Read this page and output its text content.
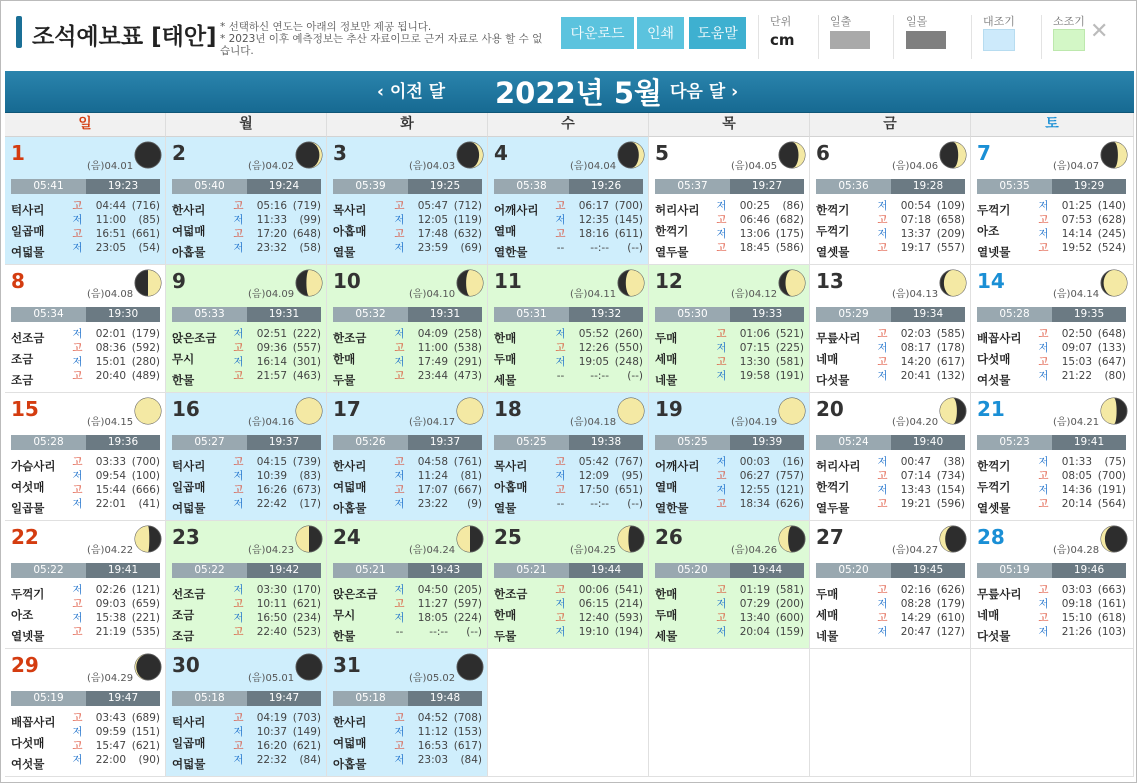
조석예보표 [태안] * 선택하신 연도는 아래의 정보만 제공 됩니다.
* 2023년 이후 예측정보는 추산 자료이므로 근거 자료로 사용 할 수 없습니다.
다운로드	인쇄	도움말
단위
cm
일출	일몰	대조기	소조기 ✕
‹ 이전 달 2022년 5월 다음 달 ›
일	월	화	수	목	금	토
1
(음)04.01
05:41	19:23
턱사리
일곱매
여덟물
고	04:44 (716)
저	11:00 (85)
고	16:51 (661)
저	23:05 (54)
2
(음)04.02
05:40	19:24
한사리
여덟매
아홉물
고	05:16 (719)
저	11:33 (99)
고	17:20 (648)
저	23:32 (58)
3
(음)04.03
05:39	19:25
목사리
아홉매
열물
고	05:47 (712)
저	12:05 (119)
고	17:48 (632)
저	23:59 (69)
4
(음)04.04
05:38	19:26
어깨사리
열매
열한물
고	06:17 (700)
저	12:35 (145)
고	18:16 (611)
--	--:-- (--)
5
(음)04.05
05:37	19:27
허리사리
한꺽기
열두물
저	00:25 (86)
고	06:46 (682)
저	13:06 (175)
고	18:45 (586)
6
(음)04.06
05:36	19:28
한꺽기
두꺽기
열셋물
저	00:54 (109)
고	07:18 (658)
저	13:37 (209)
고	19:17 (557)
7
(음)04.07
05:35	19:29
두꺽기
아조
열넷물
저	01:25 (140)
고	07:53 (628)
저	14:14 (245)
고	19:52 (524)
8
(음)04.08
05:34	19:30
선조금
조금
조금
저	02:01 (179)
고	08:36 (592)
저	15:01 (280)
고	20:40 (489)
9
(음)04.09
05:33	19:31
앉은조금
무시
한물
저	02:51 (222)
고	09:36 (557)
저	16:14 (301)
고	21:57 (463)
10
(음)04.10
05:32	19:31
한조금
한매
두물
저	04:09 (258)
고	11:00 (538)
저	17:49 (291)
고	23:44 (473)
11
(음)04.11
05:31	19:32
한매
두매
세물
저	05:52 (260)
고	12:26 (550)
저	19:05 (248)
--	--:-- (--)
12
(음)04.12
05:30	19:33
두매
세매
네물
고	01:06 (521)
저	07:15 (225)
고	13:30 (581)
저	19:58 (191)
13
(음)04.13
05:29	19:34
무릎사리
네매
다섯물
고	02:03 (585)
저	08:17 (178)
고	14:20 (617)
저	20:41 (132)
14
(음)04.14
05:28	19:35
배꼽사리
다섯매
여섯물
고	02:50 (648)
저	09:07 (133)
고	15:03 (647)
저	21:22 (80)
15
(음)04.15
05:28	19:36
가슴사리
여섯매
일곱물
고	03:33 (700)
저	09:54 (100)
고	15:44 (666)
저	22:01 (41)
16
(음)04.16
05:27	19:37
턱사리
일곱매
여덟물
고	04:15 (739)
저	10:39 (83)
고	16:26 (673)
저	22:42 (17)
17
(음)04.17
05:26	19:37
한사리
여덟매
아홉물
고	04:58 (761)
저	11:24 (81)
고	17:07 (667)
저	23:22 (9)
18
(음)04.18
05:25	19:38
목사리
아홉매
열물
고	05:42 (767)
저	12:09 (95)
고	17:50 (651)
--	--:-- (--)
19
(음)04.19
05:25	19:39
어깨사리
열매
열한물
저	00:03 (16)
고	06:27 (757)
저	12:55 (121)
고	18:34 (626)
20
(음)04.20
05:24	19:40
허리사리
한꺽기
열두물
저	00:47 (38)
고	07:14 (734)
저	13:43 (154)
고	19:21 (596)
21
(음)04.21
05:23	19:41
한꺽기
두꺽기
열셋물
저	01:33 (75)
고	08:05 (700)
저	14:36 (191)
고	20:14 (564)
22
(음)04.22
05:22	19:41
두꺽기
아조
열넷물
저	02:26 (121)
고	09:03 (659)
저	15:38 (221)
고	21:19 (535)
23
(음)04.23
05:22	19:42
선조금
조금
조금
저	03:30 (170)
고	10:11 (621)
저	16:50 (234)
고	22:40 (523)
24
(음)04.24
05:21	19:43
앉은조금
무시
한물
저	04:50 (205)
고	11:27 (597)
저	18:05 (224)
--	--:-- (--)
25
(음)04.25
05:21	19:44
한조금
한매
두물
고	00:06 (541)
저	06:15 (214)
고	12:40 (593)
저	19:10 (194)
26
(음)04.26
05:20	19:44
한매
두매
세물
고	01:19 (581)
저	07:29 (200)
고	13:40 (600)
저	20:04 (159)
27
(음)04.27
05:20	19:45
두매
세매
네물
고	02:16 (626)
저	08:28 (179)
고	14:29 (610)
저	20:47 (127)
28
(음)04.28
05:19	19:46
무릎사리
네매
다섯물
고	03:03 (663)
저	09:18 (161)
고	15:10 (618)
저	21:26 (103)
29
(음)04.29
05:19	19:47
배꼽사리
다섯매
여섯물
고	03:43 (689)
저	09:59 (151)
고	15:47 (621)
저	22:00 (90)
30
(음)05.01
05:18	19:47
턱사리
일곱매
여덟물
고	04:19 (703)
저	10:37 (149)
고	16:20 (621)
저	22:32 (84)
31
(음)05.02
05:18	19:48
한사리
여덟매
아홉물
고	04:52 (708)
저	11:12 (153)
고	16:53 (617)
저	23:03 (84)
